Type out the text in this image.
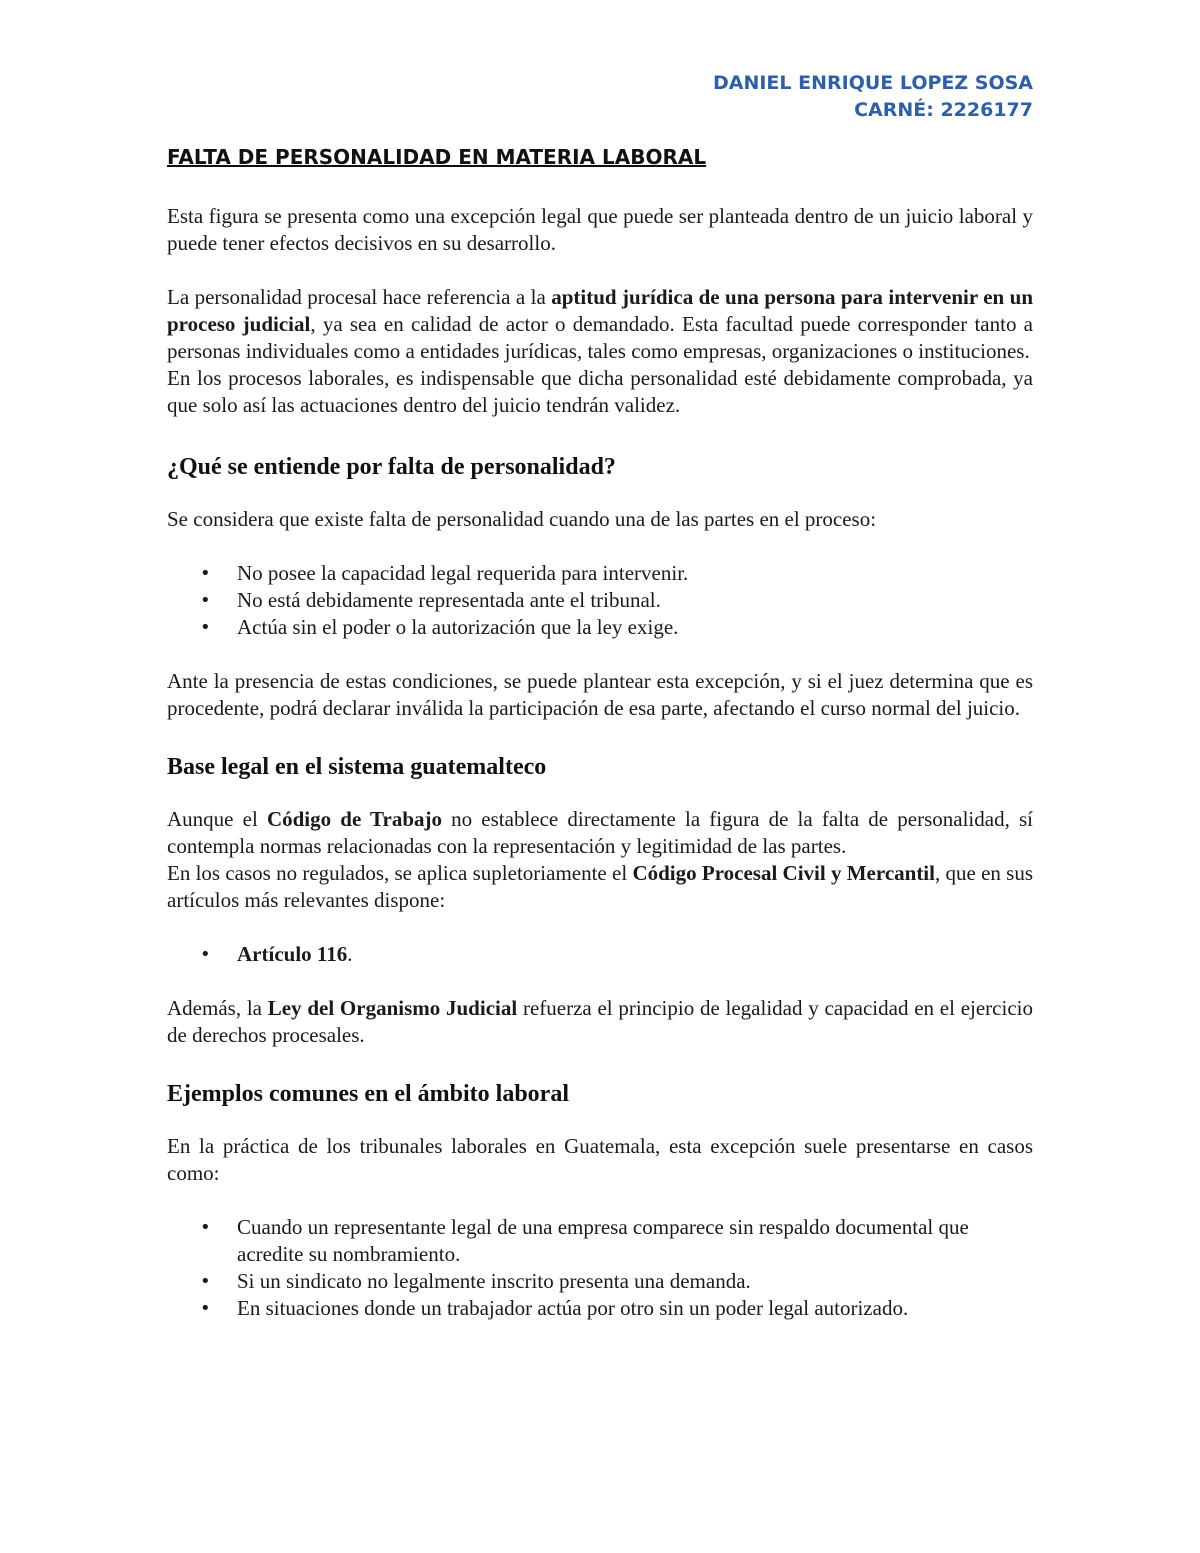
DANIEL ENRIQUE LOPEZ SOSA
CARNÉ: 2226177
FALTA DE PERSONALIDAD EN MATERIA LABORAL

Esta figura se presenta como una excepción legal que puede ser planteada dentro de un juicio laboral y puede tener efectos decisivos en su desarrollo.

La personalidad procesal hace referencia a la aptitud jurídica de una persona para intervenir en un proceso judicial, ya sea en calidad de actor o demandado. Esta facultad puede corresponder tanto a personas individuales como a entidades jurídicas, tales como empresas, organizaciones o instituciones.

En los procesos laborales, es indispensable que dicha personalidad esté debidamente comprobada, ya que solo así las actuaciones dentro del juicio tendrán validez.

¿Qué se entiende por falta de personalidad?

Se considera que existe falta de personalidad cuando una de las partes en el proceso:

• No posee la capacidad legal requerida para intervenir.
• No está debidamente representada ante el tribunal.
• Actúa sin el poder o la autorización que la ley exige.

Ante la presencia de estas condiciones, se puede plantear esta excepción, y si el juez determina que es procedente, podrá declarar inválida la participación de esa parte, afectando el curso normal del juicio.

Base legal en el sistema guatemalteco

Aunque el Código de Trabajo no establece directamente la figura de la falta de personalidad, sí contempla normas relacionadas con la representación y legitimidad de las partes.

En los casos no regulados, se aplica supletoriamente el Código Procesal Civil y Mercantil, que en sus artículos más relevantes dispone:

• Artículo 116.

Además, la Ley del Organismo Judicial refuerza el principio de legalidad y capacidad en el ejercicio de derechos procesales.

Ejemplos comunes en el ámbito laboral

En la práctica de los tribunales laborales en Guatemala, esta excepción suele presentarse en casos como:

• Cuando un representante legal de una empresa comparece sin respaldo documental que acredite su nombramiento.
• Si un sindicato no legalmente inscrito presenta una demanda.
• En situaciones donde un trabajador actúa por otro sin un poder legal autorizado.
